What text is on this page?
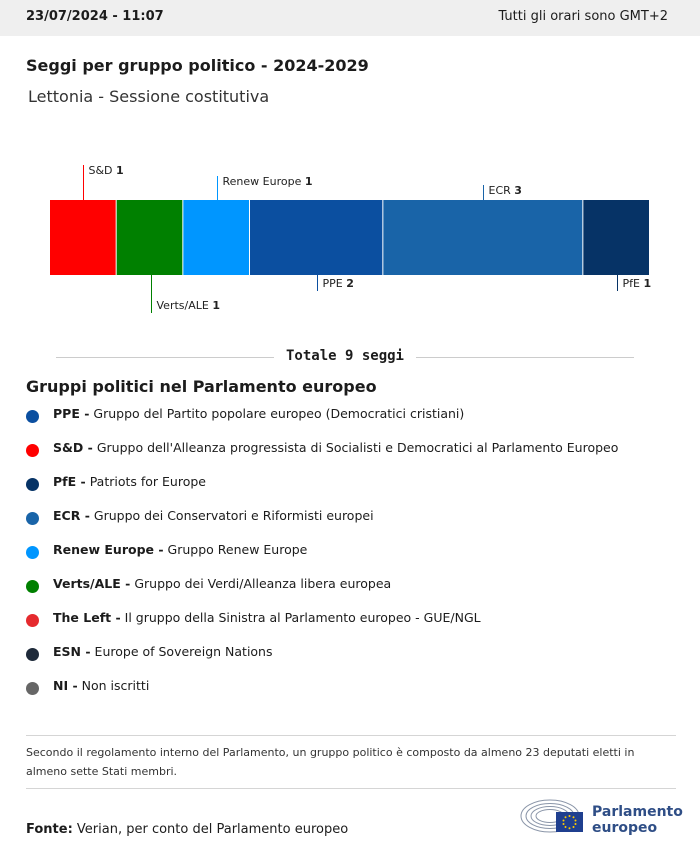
23/07/2024 - 11:07	Tutti gli orari sono GMT+2
Seggi per gruppo politico - 2024-2029
Lettonia - Sessione costitutiva
S&D 1
Verts/ALE 1
Renew Europe 1
PPE 2
ECR 3
PfE 1
Totale 9 seggi
Gruppi politici nel Parlamento europeo
PPE - Gruppo del Partito popolare europeo (Democratici cristiani)
S&D - Gruppo dell'Alleanza progressista di Socialisti e Democratici al Parlamento Europeo
PfE - Patriots for Europe
ECR - Gruppo dei Conservatori e Riformisti europei
Renew Europe - Gruppo Renew Europe
Verts/ALE - Gruppo dei Verdi/Alleanza libera europea
The Left - Il gruppo della Sinistra al Parlamento europeo - GUE/NGL
ESN - Europe of Sovereign Nations
NI - Non iscritti
Secondo il regolamento interno del Parlamento, un gruppo politico è composto da almeno 23 deputati eletti in almeno sette Stati membri.
Fonte: Verian, per conto del Parlamento europeo
Parlamento
europeo
